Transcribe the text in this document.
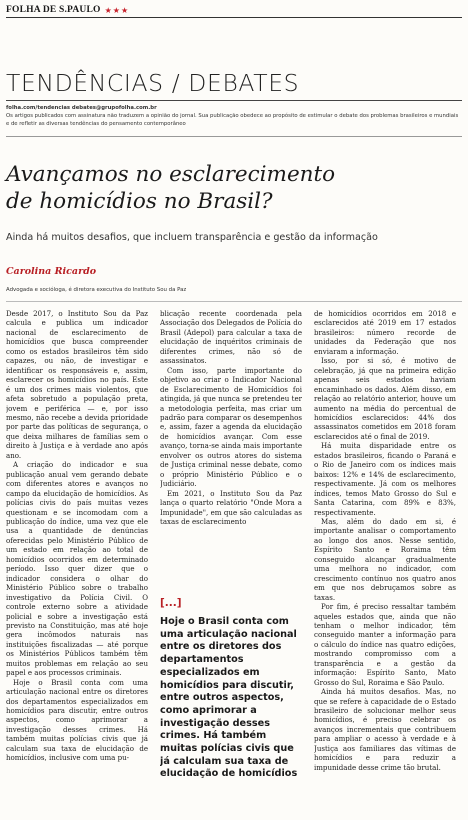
FOLHA DE S.PAULO ★★★
TENDÊNCIAS / DEBATES
folha.com/tendencias debates@grupofolha.com.br
Os artigos publicados com assinatura não traduzem a opinião do jornal. Sua publicação obedece ao propósito de estimular o debate dos problemas brasileiros e mundiais e de refletir as diversas tendências do pensamento contemporâneo
Avançamos no esclarecimento
de homicídios no Brasil?
Ainda há muitos desafios, que incluem transparência e gestão da informação
Carolina Ricardo
Advogada e socióloga, é diretora executiva do Instituto Sou da Paz

Desde 2017, o Instituto Sou da Paz calcula e publica um indicador nacional de esclarecimento de homicídios que busca compreender como os estados brasileiros têm sido capazes, ou não, de investigar e identificar os responsáveis e, assim, esclarecer os homicídios no país. Este é um dos crimes mais violentos, que afeta sobretudo a população preta, jovem e periférica — e, por isso mesmo, não recebe a devida prioridade por parte das políticas de segurança, o que deixa milhares de famílias sem o direito à Justiça e à verdade ano após ano.

A criação do indicador e sua publicação anual vem gerando debate com diferentes atores e avanços no campo da elucidação de homicídios. As polícias civis do país muitas vezes questionam e se incomodam com a publicação do índice, uma vez que ele usa a quantidade de denúncias oferecidas pelo Ministério Público de um estado em relação ao total de homicídios ocorridos em determinado período. Isso quer dizer que o indicador considera o olhar do Ministério Público sobre o trabalho investigativo da Polícia Civil. O controle externo sobre a atividade policial e sobre a investigação está previsto na Constituição, mas até hoje gera incômodos naturais nas instituições fiscalizadas — até porque os Ministérios Públicos também têm muitos problemas em relação ao seu papel e aos processos criminais.

Hoje o Brasil conta com uma articulação nacional entre os diretores dos departamentos especializados em homicídios para discutir, entre outros aspectos, como aprimorar a investigação desses crimes. Há também muitas polícias civis que já calculam sua taxa de elucidação de homicídios, inclusive com uma pu-

blicação recente coordenada pela Associação dos Delegados de Polícia do Brasil (Adepol) para calcular a taxa de elucidação de inquéritos criminais de diferentes crimes, não só de assassinatos.

Com isso, parte importante do objetivo ao criar o Indicador Nacional de Esclarecimento de Homicídios foi atingida, já que nunca se pretendeu ter a metodologia perfeita, mas criar um padrão para comparar os desempenhos e, assim, fazer a agenda da elucidação de homicídios avançar. Com esse avanço, torna-se ainda mais importante envolver os outros atores do sistema de Justiça criminal nesse debate, como o próprio Ministério Público e o Judiciário.

Em 2021, o Instituto Sou da Paz lança o quarto relatório "Onde Mora a Impunidade", em que são calculadas as taxas de esclarecimento

[...]
Hoje o Brasil conta com uma articulação nacional entre os diretores dos departamentos especializados em homicídios para discutir, entre outros aspectos, como aprimorar a investigação desses crimes. Há também muitas polícias civis que já calculam sua taxa de elucidação de homicídios

de homicídios ocorridos em 2018 e esclarecidos até 2019 em 17 estados brasileiros: número recorde de unidades da Federação que nos enviaram a informação.

Isso, por si só, é motivo de celebração, já que na primeira edição apenas seis estados haviam encaminhado os dados. Além disso, em relação ao relatório anterior, houve um aumento na média do percentual de homicídios esclarecidos: 44% dos assassinatos cometidos em 2018 foram esclarecidos até o final de 2019.

Há muita disparidade entre os estados brasileiros, ficando o Paraná e o Rio de Janeiro com os índices mais baixos: 12% e 14% de esclarecimento, respectivamente. Já com os melhores índices, temos Mato Grosso do Sul e Santa Catarina, com 89% e 83%, respectivamente.

Mas, além do dado em si, é importante analisar o comportamento ao longo dos anos. Nesse sentido, Espírito Santo e Roraima têm conseguido alcançar gradualmente uma melhora no indicador, com crescimento contínuo nos quatro anos em que nos debruçamos sobre as taxas.

Por fim, é preciso ressaltar também aqueles estados que, ainda que não tenham o melhor indicador, têm conseguido manter a informação para o cálculo do índice nas quatro edições, mostrando compromisso com a transparência e a gestão da informação: Espírito Santo, Mato Grosso do Sul, Roraima e São Paulo.

Ainda há muitos desafios. Mas, no que se refere à capacidade de o Estado brasileiro de solucionar melhor seus homicídios, é preciso celebrar os avanços incrementais que contribuem para ampliar o acesso à verdade e à Justiça aos familiares das vítimas de homicídios e para reduzir a impunidade desse crime tão brutal.
